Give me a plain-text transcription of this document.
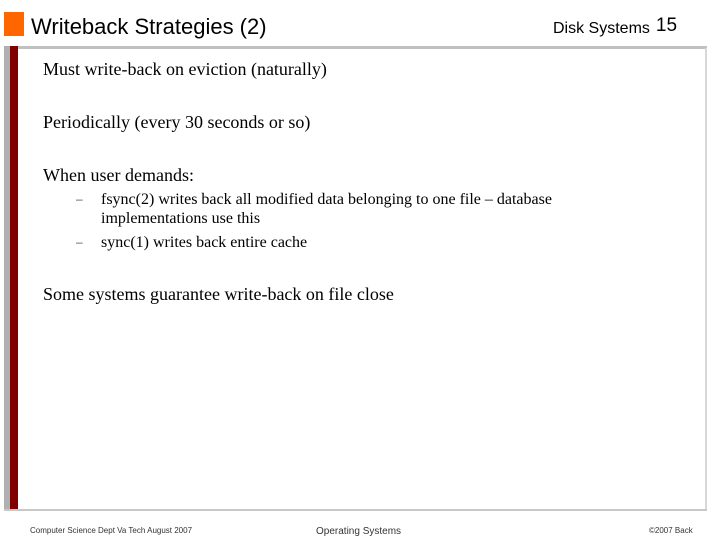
Writeback Strategies (2)	Disk Systems 15
Must write-back on eviction (naturally)
Periodically (every 30 seconds or so)
When user demands:
– fsync(2) writes back all modified data belonging to one file – database implementations use this
– sync(1) writes back entire cache
Some systems guarantee write-back on file close
Computer Science Dept Va Tech August 2007	Operating Systems	©2007 Back
